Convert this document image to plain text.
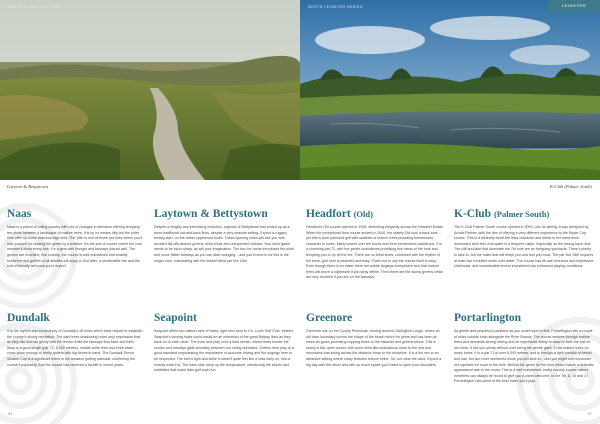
DESTINATION GOLF 2025
Laytown & Bettystown
Naas

Naas is a parcel of rolling country with lots of changes in elevation offering tempting tee shots between a landscape of mature trees. It is by no means hilly but the older nine offer up some delicious high tees. The 18th is one of those par fives where you'll kick yourself for missing the green by a whisker. It's the sort of course where the club member's know every inch, it's a gem with thought and fairways placed well. The greens are excellent, fine country, the course is well maintained and smartly bunkered and golfers of all abilities will enjoy it. And after, a comfortable bar and the sort of friendly welcome you'd expect.

Laytown & Bettystown

Despite a lengthy and interesting evolution, Laytown & Bettystown has ended up as a more traditional out-and-back links, despite a very seaside setting. Expect a rugged, testing start, on the rather uppermost holes. These opening holes will see you with decided fall-offs around greens, blind shots and unexpected hollows. Your short game needs to be razor sharp, as will your imagination. The turn for home introduces the wind and some flatter fairways as you can start swinging... and you'll need to for this is the longer nine, culminating with the double-blind par five 18th.

Dundalk

It is the rhythm and consistency of Dundalk's 18 holes which have helped to establish the course's strong reputation. The dark trees shadowing holes only emphasise that, as they rise and fall gently with the terrain while the fairways flow back and forth. Back is a good length (par 72, 6,000 metres), middle white tees and three lower cross close enough to terrify golfers with big drives in hand. The Dundalk Senior Scratch Cup is a significant event in the amateur golfing calendar, confirming the course's popularity. And the course has received a facelift in recent years.

Seapoint

Seapoint offers two distinct sets of holes, right next door to Co. Louth Golf Club. Indeed, Seapoint's closing holes could easily be an extension of the great Baltray links as they back on to each other. The front nine play over a links terrain, where trees border the course and fairways glide smoothly between low rolling duneland. Greens here play to a good standard emphasising the importance of accurate driving and the doglegs here to be respected. The ball is light and while it doesn't quite feel like a links early on, this is exactly what it is. The back nine ramp up the temperature, introducing the slopes and subtleties that make links golf such fun.

94
NORTH LEINSTER SERIES	LEINSTER
K-Club (Palmer South)
Headfort (Old)

Headfort's Old course opened in 1928, stretching elegantly across the Headfort Estate. When the exceptional New course arrived in 2000, the stately Old took a back seat ... yet this is pure parkland golf with swathes of mature trees providing tremendous character to holes. Many towers over tee boxes and form tremendous backdrops. It is a charming par 72, with the gentle undulations promising fine views of the hole and tempting you to rip off the tee. There are no blind shots, combined with the rhythm of the trees, golf here is peaceful and easy. That's not to say the course itself is easy. Even though there is no water there are subtle doglegs everywhere and that mature trees will prove a nightmare if you stray offline. Then there are the sturdy greens which are very troubled if you are on the fairways.

K-Club (Palmer South)

The K-Club Palmer South course opened in 2003. Like its sibling, it was designed by Arnold Palmer, with the aim of offering a very different experience to the Ryder Cup course. This is a distinctly heart-felt links character and sticks to the sand dune dominated land feel. And water is a frequent visitor, especially on the strong back nine. The cliff and lake that dominate the 7th hole are an intriguing spectacle. There's plenty to take in, but the holes that will tempt you and test you most. The par five 18th requires at least two excellent shots over water. The course has its own entrance and impressive clubhouse, and considerable recent investment has enhanced playing conditions.

Greenore

Greenore sits on the Cooley Peninsula, moving around Carlingford Lough, where an old town boundary covers the shape of the beach which for years and has been at times an gorse-promising hopping times to the historian and greens below. This is nearly a flat, open course with some links-like undulations close to the sea and mountains that swing across the distance close to the shoreline. It is a fun mix in an attractive setting where many features fortune shine. So, run clear the wind. Expect a big day with the driver and with so much space you'll want to open your shoulders.

Portarlington

As gentle and peaceful a parkland as you could hope to find, Portarlington sits a couple of miles outside town alongside the River Barrow. The course weaves through mature trees and demands strong driving and an impressive ability to draw or fade the ball on six holes. It sits you plenty without ever being the gentle giant. It has mature trees on many holes. It is a par 71 of over 6,000 metres, and is through a tight corridor of beech and oak, but two more wonderful shots you will stick in... and you might well encounter red squirrels en route to the hole. Behind the green for the river which makes a dramatic appearance late in the round. This is a well maintained, lovely country course, where members can always be found to give you a warm welcome. In the 7th, 8, 16 and 17, Portarlington has some of the best holes you'll play.

97
